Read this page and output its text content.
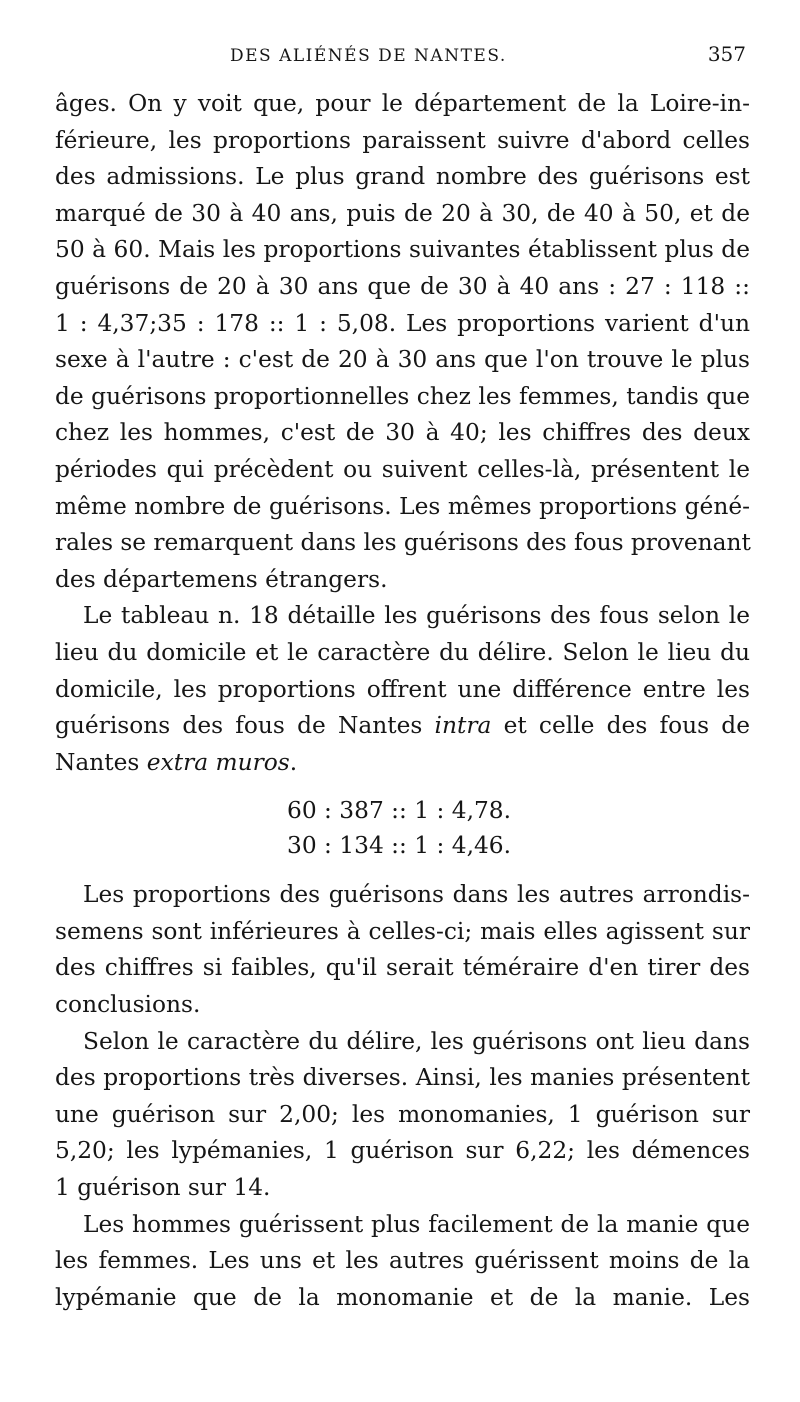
DES ALIÉNÉS DE NANTES.	357

âges. On y voit que, pour le département de la Loire-in-
férieure, les proportions paraissent suivre d'abord celles
des admissions. Le plus grand nombre des guérisons est
marqué de 30 à 40 ans, puis de 20 à 30, de 40 à 50, et de
50 à 60. Mais les proportions suivantes établissent plus de
guérisons de 20 à 30 ans que de 30 à 40 ans : 27 : 118 ::
1 : 4,37;35 : 178 :: 1 : 5,08. Les proportions varient d'un
sexe à l'autre : c'est de 20 à 30 ans que l'on trouve le plus
de guérisons proportionnelles chez les femmes, tandis que
chez les hommes, c'est de 30 à 40; les chiffres des deux
périodes qui précèdent ou suivent celles-là, présentent le
même nombre de guérisons. Les mêmes proportions géné-
rales se remarquent dans les guérisons des fous provenant
des départemens étrangers.

Le tableau n. 18 détaille les guérisons des fous selon le
lieu du domicile et le caractère du délire. Selon le lieu du
domicile, les proportions offrent une différence entre les
guérisons des fous de Nantes intra et celle des fous de
Nantes extra muros.

60 : 387 :: 1 : 4,78.
30 : 134 :: 1 : 4,46.

Les proportions des guérisons dans les autres arrondis-
semens sont inférieures à celles-ci; mais elles agissent sur
des chiffres si faibles, qu'il serait téméraire d'en tirer des
conclusions.

Selon le caractère du délire, les guérisons ont lieu dans
des proportions très diverses. Ainsi, les manies présentent
une guérison sur 2,00; les monomanies, 1 guérison sur
5,20; les lypémanies, 1 guérison sur 6,22; les démences
1 guérison sur 14.

Les hommes guérissent plus facilement de la manie que
les femmes. Les uns et les autres guérissent moins de la
lypémanie que de la monomanie et de la manie. Les
